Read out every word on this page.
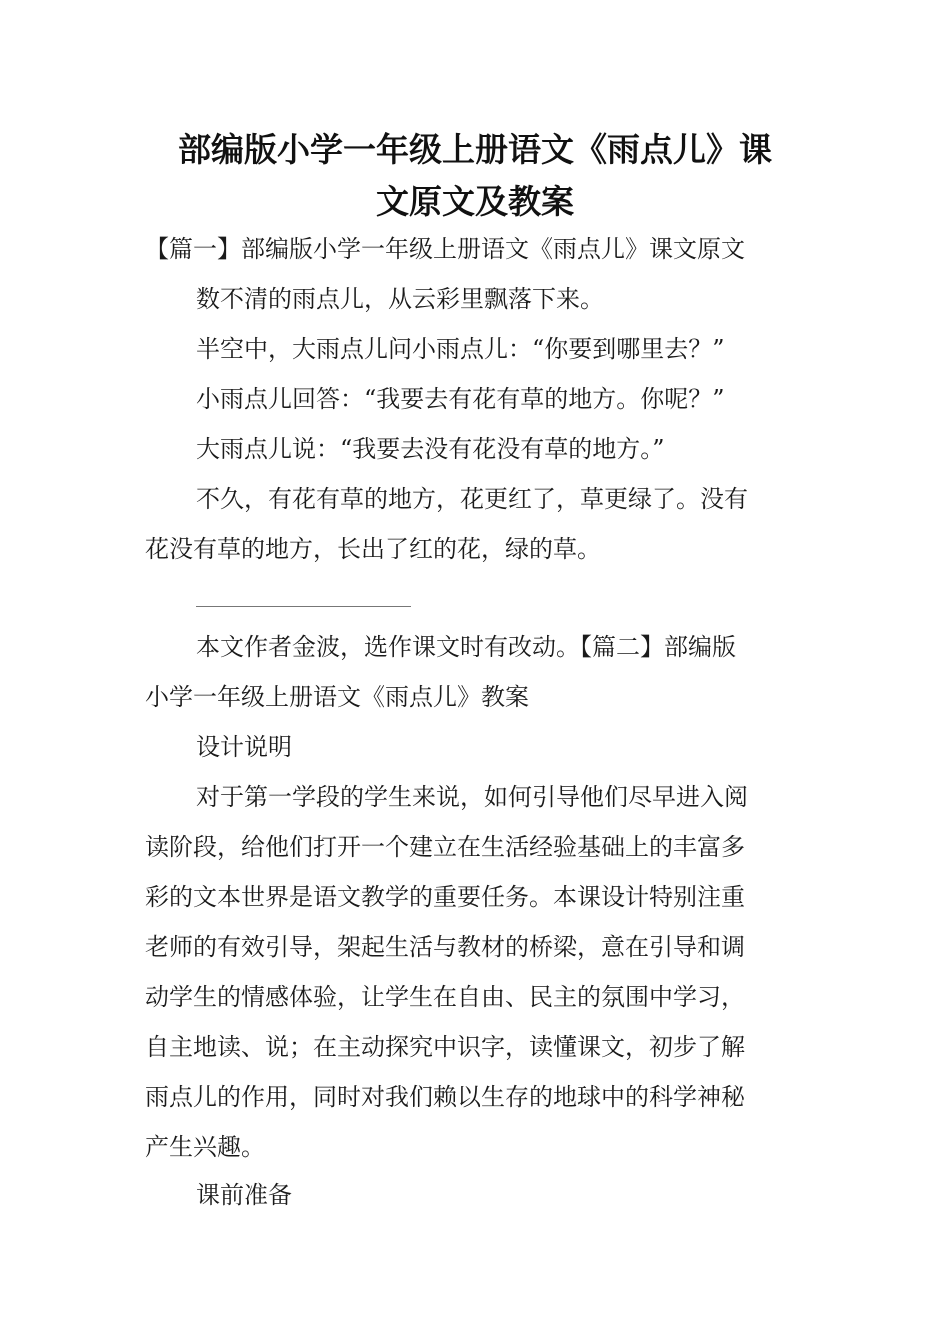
部编版小学一年级上册语文《雨点儿》课
文原文及教案
【篇一】部编版小学一年级上册语文《雨点儿》课文原文
数不清的雨点儿，从云彩里飘落下来。
半空中，大雨点儿问小雨点儿：“你要到哪里去？”
小雨点儿回答：“我要去有花有草的地方。你呢？”
大雨点儿说：“我要去没有花没有草的地方。”
不久，有花有草的地方，花更红了，草更绿了。没有
花没有草的地方，长出了红的花，绿的草。
本文作者金波，选作课文时有改动。【篇二】部编版
小学一年级上册语文《雨点儿》教案
设计说明
对于第一学段的学生来说，如何引导他们尽早进入阅
读阶段，给他们打开一个建立在生活经验基础上的丰富多
彩的文本世界是语文教学的重要任务。本课设计特别注重
老师的有效引导，架起生活与教材的桥梁，意在引导和调
动学生的情感体验，让学生在自由、民主的氛围中学习，
自主地读、说；在主动探究中识字，读懂课文，初步了解
雨点儿的作用，同时对我们赖以生存的地球中的科学神秘
产生兴趣。
课前准备
